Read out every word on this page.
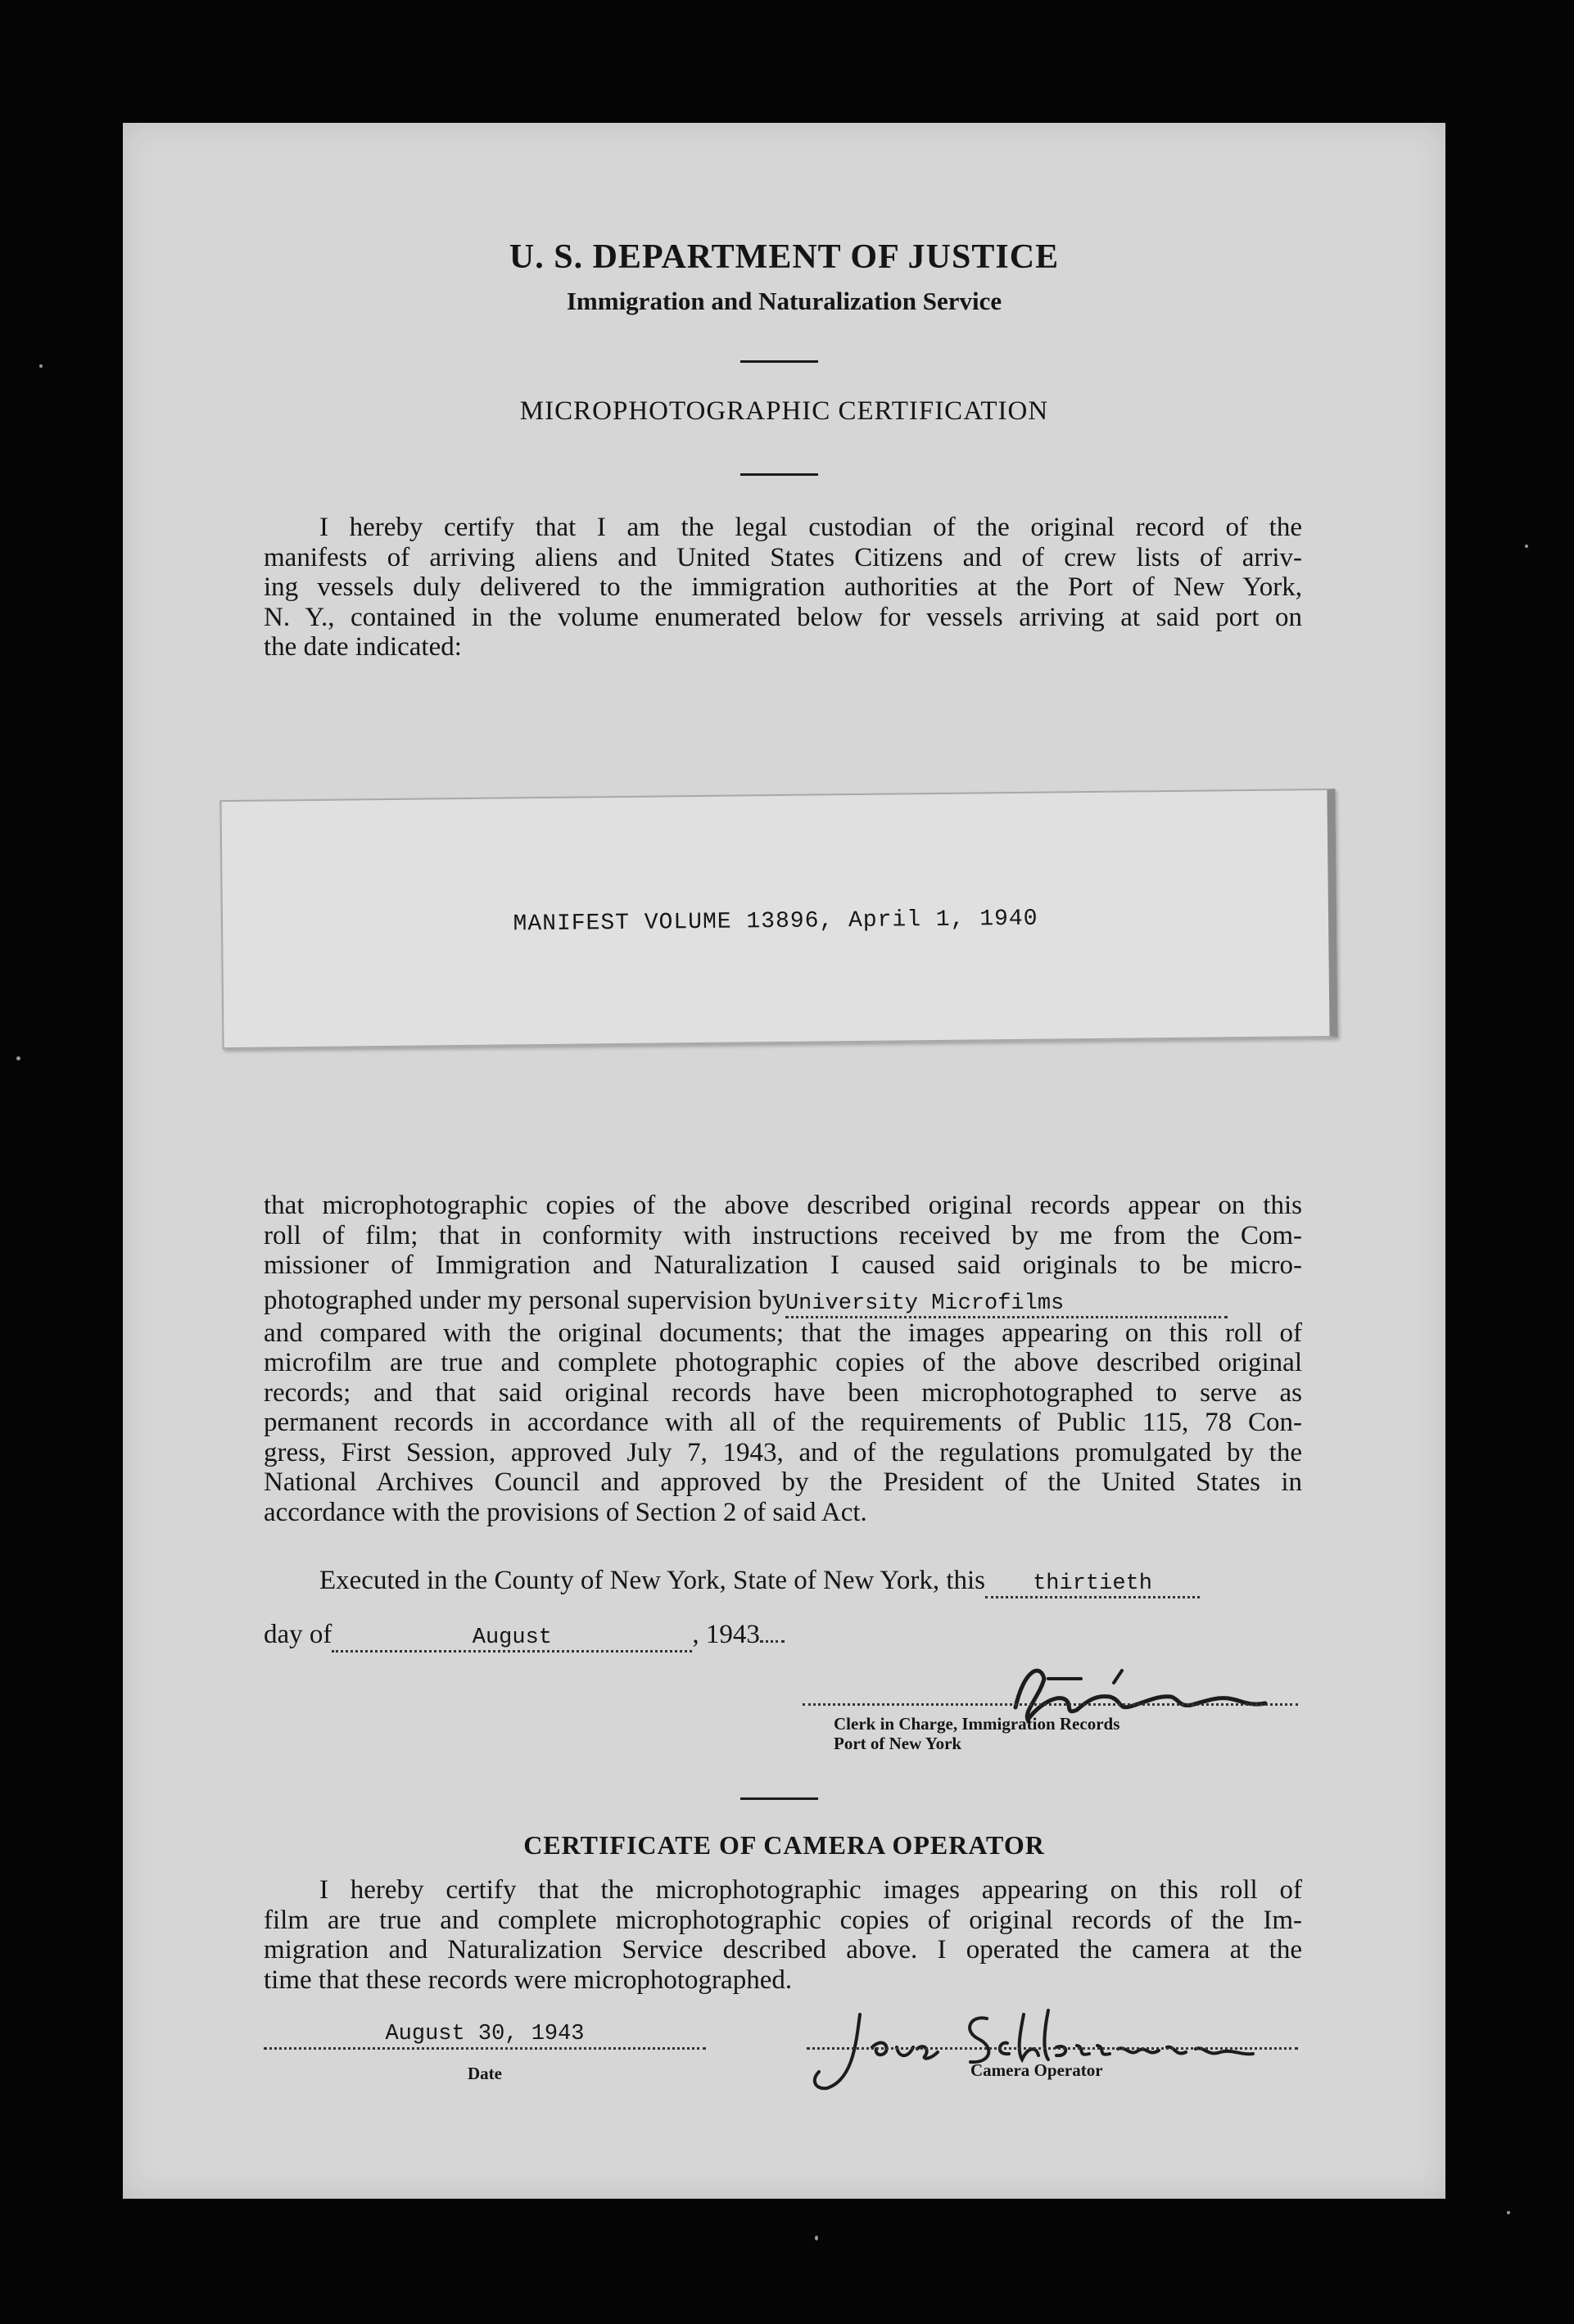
U. S. DEPARTMENT OF JUSTICE
Immigration and Naturalization Service
MICROPHOTOGRAPHIC CERTIFICATION
I hereby certify that I am the legal custodian of the original record of the
manifests of arriving aliens and United States Citizens and of crew lists of arriv-
ing vessels duly delivered to the immigration authorities at the Port of New York,
N. Y., contained in the volume enumerated below for vessels arriving at said port on

the date indicated:
MANIFEST VOLUME 13896, April 1, 1940
that microphotographic copies of the above described original records appear on this
roll of film; that in conformity with instructions received by me from the Com-
missioner of Immigration and Naturalization I caused said originals to be micro-

photographed under my personal supervision byUniversity Microfilms
and compared with the original documents; that the images appearing on this roll of
microfilm are true and complete photographic copies of the above described original
records; and that said original records have been microphotographed to serve as
permanent records in accordance with all of the requirements of Public 115, 78 Con-
gress, First Session, approved July 7, 1943, and of the regulations promulgated by the
National Archives Council and approved by the President of the United States in

accordance with the provisions of Section 2 of said Act.
Executed in the County of New York, State of New York, this thirtieth
day of	August	, 1943
Clerk in Charge, Immigration Records
Port of New York
CERTIFICATE OF CAMERA OPERATOR
I hereby certify that the microphotographic images appearing on this roll of
film are true and complete microphotographic copies of original records of the Im-
migration and Naturalization Service described above. I operated the camera at the

time that these records were microphotographed.
August 30, 1943
Date	Camera Operator
